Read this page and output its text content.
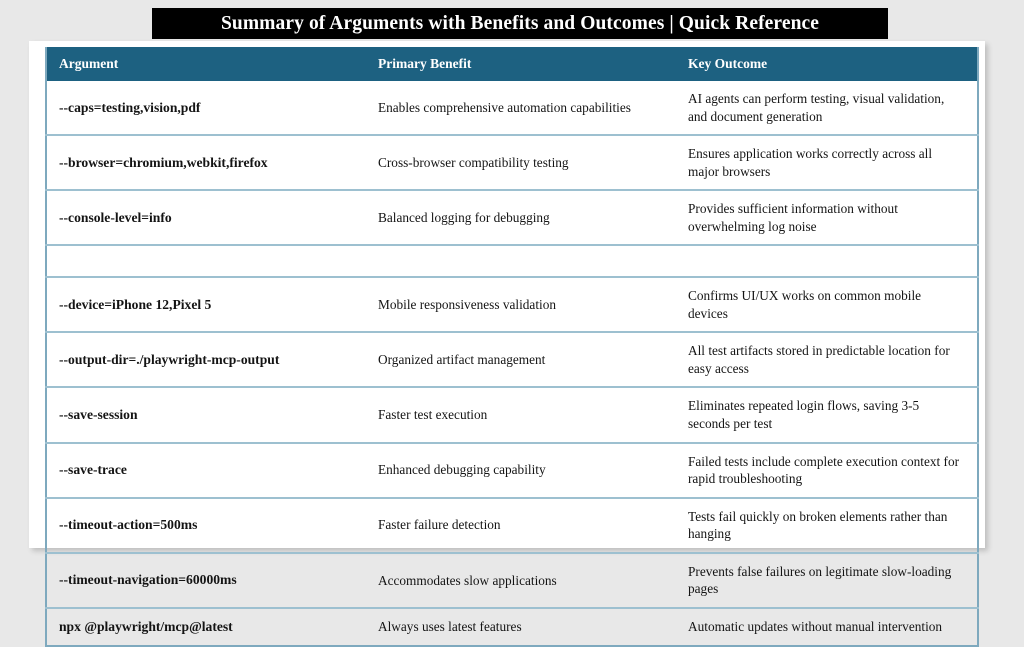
Summary of Arguments with Benefits and Outcomes | Quick Reference
Argument	Primary Benefit	Key Outcome
--caps=testing,vision,pdf	Enables comprehensive automation capabilities	AI agents can perform testing, visual validation, and document generation
--browser=chromium,webkit,firefox	Cross-browser compatibility testing	Ensures application works correctly across all major browsers
--console-level=info	Balanced logging for debugging	Provides sufficient information without overwhelming log noise

--device=iPhone 12,Pixel 5	Mobile responsiveness validation	Confirms UI/UX works on common mobile devices
--output-dir=./playwright-mcp-output	Organized artifact management	All test artifacts stored in predictable location for easy access
--save-session	Faster test execution	Eliminates repeated login flows, saving 3-5 seconds per test
--save-trace	Enhanced debugging capability	Failed tests include complete execution context for rapid troubleshooting
--timeout-action=500ms	Faster failure detection	Tests fail quickly on broken elements rather than hanging
--timeout-navigation=60000ms	Accommodates slow applications	Prevents false failures on legitimate slow-loading pages
npx @playwright/mcp@latest	Always uses latest features	Automatic updates without manual intervention
